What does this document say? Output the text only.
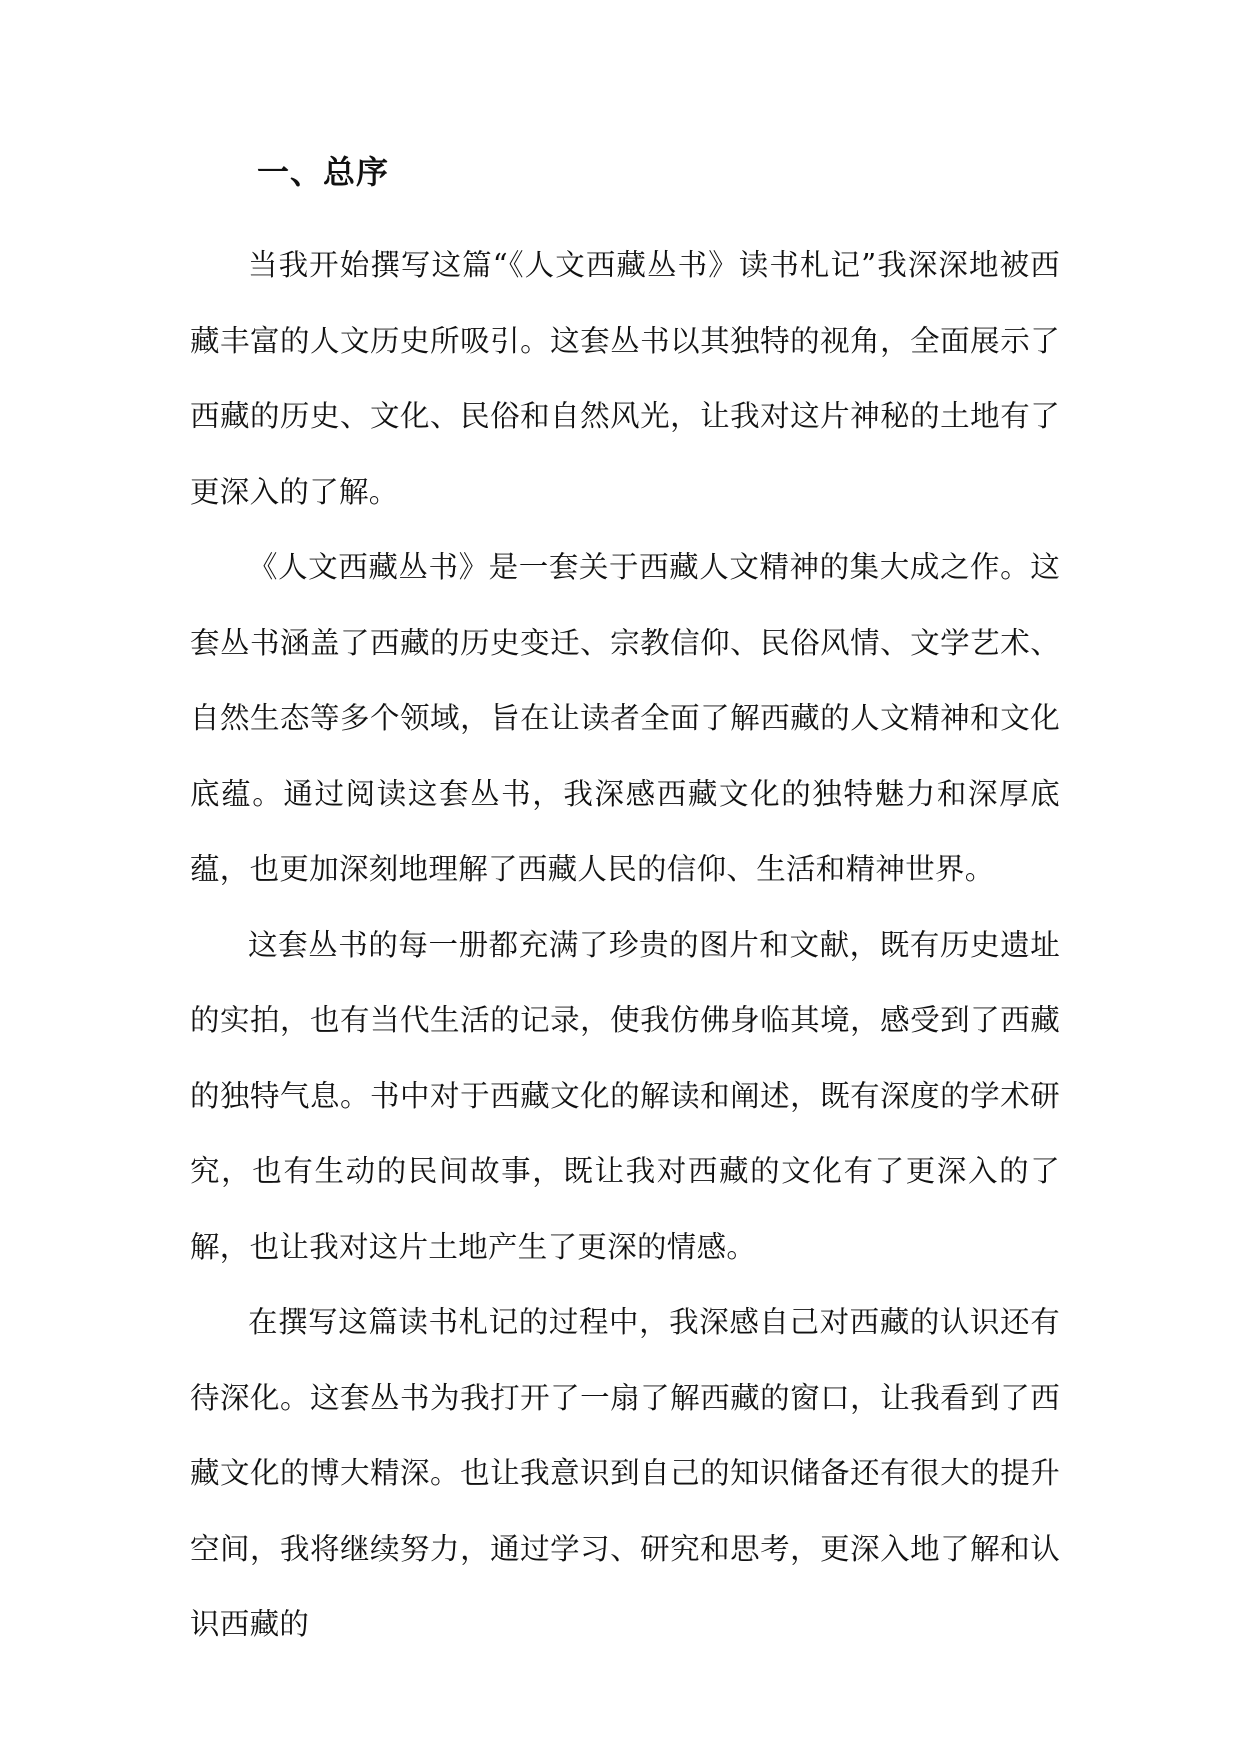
一、总序

当我开始撰写这篇“《人文西藏丛书》读书札记”我深深地被西藏丰富的人文历史所吸引。这套丛书以其独特的视角，全面展示了西藏的历史、文化、民俗和自然风光，让我对这片神秘的土地有了更深入的了解。

《人文西藏丛书》是一套关于西藏人文精神的集大成之作。这套丛书涵盖了西藏的历史变迁、宗教信仰、民俗风情、文学艺术、自然生态等多个领域，旨在让读者全面了解西藏的人文精神和文化底蕴。通过阅读这套丛书，我深感西藏文化的独特魅力和深厚底蕴，也更加深刻地理解了西藏人民的信仰、生活和精神世界。

这套丛书的每一册都充满了珍贵的图片和文献，既有历史遗址的实拍，也有当代生活的记录，使我仿佛身临其境，感受到了西藏的独特气息。书中对于西藏文化的解读和阐述，既有深度的学术研究，也有生动的民间故事，既让我对西藏的文化有了更深入的了解，也让我对这片土地产生了更深的情感。

在撰写这篇读书札记的过程中，我深感自己对西藏的认识还有待深化。这套丛书为我打开了一扇了解西藏的窗口，让我看到了西藏文化的博大精深。也让我意识到自己的知识储备还有很大的提升空间，我将继续努力，通过学习、研究和思考，更深入地了解和认识西藏的
